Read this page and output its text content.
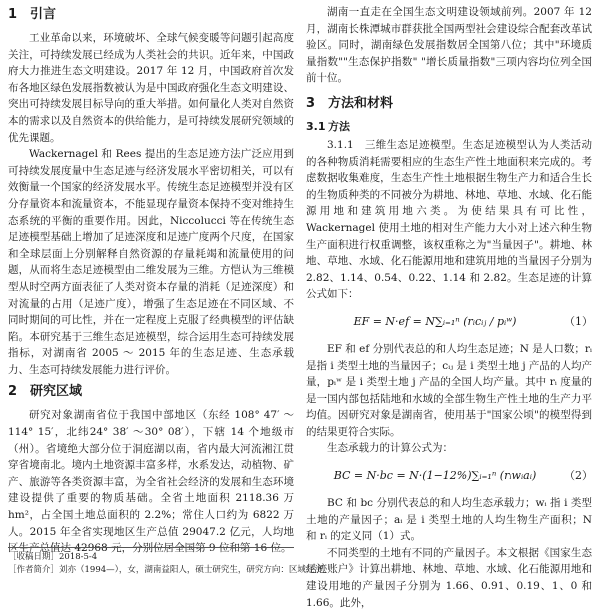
1 引言

工业革命以来，环境破坏、全球气候变暖等问题引起高度关注，可持续发展已经成为人类社会的共识。近年来，中国政府大力推进生态文明建设。2017 年 12 月，中国政府首次发布各地区绿色发展指数被认为是中国政府强化生态文明建设、突出可持续发展目标导向的重大举措。如何量化人类对自然资本的需求以及自然资本的供给能力，是可持续发展研究领域的优先课题。

Wackernagel 和 Rees 提出的生态足迹方法广泛应用到可持续发展度量中生态足迹与经济发展水平密切相关，可以有效衡量一个国家的经济发展水平。传统生态足迹模型并没有区分存量资本和流量资本，不能显现存量资本保持不变对维持生态系统的平衡的重要作用。因此，Niccolucci 等在传统生态足迹模型基础上增加了足迹深度和足迹广度两个尺度，在国家和全球层面上分别解释自然资源的存量耗竭和流量使用的问题，从而将生态足迹模型由二维发展为三维。方恺认为三维模型从时空两方面表征了人类对资本存量的消耗（足迹深度）和对流量的占用（足迹广度），增强了生态足迹在不同区域、不同时期间的可比性，并在一定程度上克服了经典模型的评估缺陷。本研究基于三维生态足迹模型，综合运用生态可持续发展指标，对湖南省 2005 ～ 2015 年的生态足迹、生态承载力、生态可持续发展能力进行评价。

2 研究区域

研究对象湖南省位于我国中部地区（东经 108° 47′ ～114° 15′，北纬24° 38′ ～30° 08′），下辖 14 个地级市（州）。省境绝大部分位于洞庭湖以南，省内最大河流湘江贯穿省境南北。境内土地资源丰富多样，水系发达，动植物、矿产、旅游等各类资源丰富，为全省社会经济的发展和生态环境建设提供了重要的物质基础。全省土地面积 2118.36 万 hm²，占全国土地总面积的 2.2%；常住人口约为 6822 万人。2015 年全省实现地区生产总值 29047.2 亿元，人均地区生产总值达 42968 元，分别位居全国第 9 位和第 16 位。

［收稿日期］2018-5-4
［作者简介］刘亦（1994—），女，湖南益阳人，硕士研究生，研究方向：区域经济。

湖南一直走在全国生态文明建设领域前列。2007 年 12 月，湖南长株潭城市群获批全国两型社会建设综合配套改革试验区。同时，湖南绿色发展指数居全国第八位；其中"环境质量指数""生态保护指数" "增长质量指数"三项内容均位列全国前十位。

3 方法和材料
3.1 方法

3.1.1　三维生态足迹模型。生态足迹模型认为人类活动的各种物质消耗需要相应的生态生产性土地面积来完成的。考虑数据收集难度，生态生产性土地根据生物生产力和适合生长的生物质种类的不同被分为耕地、林地、草地、水域、化石能源用地和建筑用地六类。为使结果具有可比性，Wackernagel 使用土地的相对生产能力大小对上述六种生物生产面积进行权重调整，该权重称之为"当量因子"。耕地、林地、草地、水域、化石能源用地和建筑用地的当量因子分别为 2.82、1.14、0.54、0.22、1.14 和 2.82。生态足迹的计算公式如下：

EF = N·ef = N∑ᵢ₌₁ⁿ (rᵢcᵢⱼ / pᵢʷ)	（1）

EF 和 ef 分别代表总的和人均生态足迹；N 是人口数；rᵢ 是指 i 类型土地的当量因子；cᵢⱼ 是 i 类型土地 j 产品的人均产量，pᵢʷ 是 i 类型土地 j 产品的全国人均产量。其中 rᵢ 度量的是一国内部包括陆地和水域的全部生物生产性土地的生产力平均值。因研究对象是湖南省，使用基于"国家公顷"的模型得到的结果更符合实际。

生态承载力的计算公式为：

BC = N·bc = N·(1−12%)∑ᵢ₌₁ⁿ (rᵢwᵢaᵢ)	（2）

BC 和 bc 分别代表总的和人均生态承载力；wᵢ 指 i 类型土地的产量因子；aᵢ 是 i 类型土地的人均生物生产面积；N 和 rᵢ 的定义同（1）式。

不同类型的土地有不同的产量因子。本文根据《国家生态足迹账户》计算出耕地、林地、草地、水域、化石能源用地和建设用地的产量因子分别为 1.66、0.91、0.19、1、0 和 1.66。此外，
